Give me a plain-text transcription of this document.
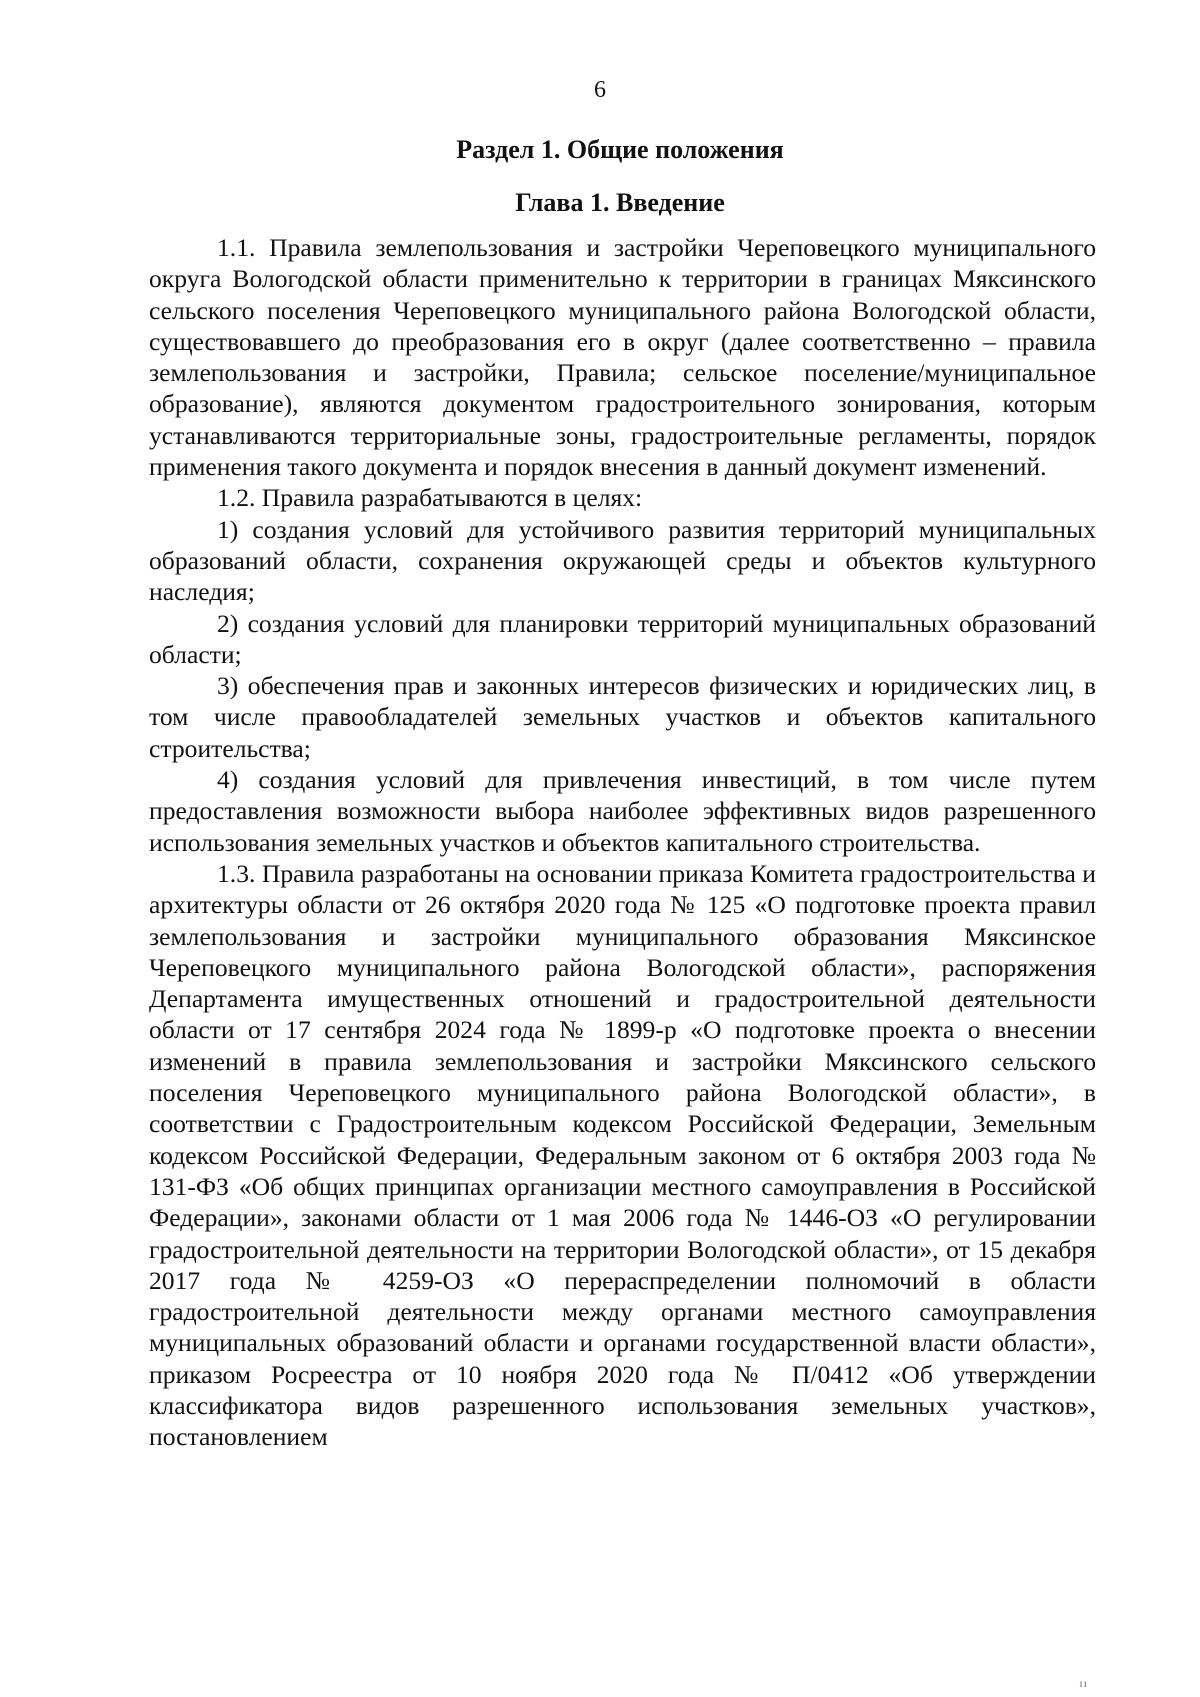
6
Раздел 1. Общие положения
Глава 1. Введение

1.1. Правила землепользования и застройки Череповецкого муниципального округа Вологодской области применительно к территории в границах Мяксинского сельского поселения Череповецкого муниципального района Вологодской области, существовавшего до преобразования его в округ (далее соответственно – правила землепользования и застройки, Правила; сельское поселение/муниципальное образование), являются документом градостроительного зонирования, которым устанавливаются территориальные зоны, градостроительные регламенты, порядок применения такого документа и порядок внесения в данный документ изменений.

1.2. Правила разрабатываются в целях:

1) создания условий для устойчивого развития территорий муниципальных образований области, сохранения окружающей среды и объектов культурного наследия;

2) создания условий для планировки территорий муниципальных образований области;

3) обеспечения прав и законных интересов физических и юридических лиц, в том числе правообладателей земельных участков и объектов капитального строительства;

4) создания условий для привлечения инвестиций, в том числе путем предоставления возможности выбора наиболее эффективных видов разрешенного использования земельных участков и объектов капитального строительства.

1.3. Правила разработаны на основании приказа Комитета градостроительства и архитектуры области от 26 октября 2020 года № 125 «О подготовке проекта правил землепользования и застройки муниципального образования Мяксинское Череповецкого муниципального района Вологодской области», распоряжения Департамента имущественных отношений и градостроительной деятельности области от 17 сентября 2024 года № 1899-р «О подготовке проекта о внесении изменений в правила землепользования и застройки Мяксинского сельского поселения Череповецкого муниципального района Вологодской области», в соответствии с Градостроительным кодексом Российской Федерации, Земельным кодексом Российской Федерации, Федеральным законом от 6 октября 2003 года № 131-ФЗ «Об общих принципах организации местного самоуправления в Российской Федерации», законами области от 1 мая 2006 года № 1446-ОЗ «О регулировании градостроительной деятельности на территории Вологодской области», от 15 декабря 2017 года № 4259-ОЗ «О перераспределении полномочий в области градостроительной деятельности между органами местного самоуправления муниципальных образований области и органами государственной власти области», приказом Росреестра от 10 ноября 2020 года № П/0412 «Об утверждении классификатора видов разрешенного использования земельных участков», постановлением

ıı
